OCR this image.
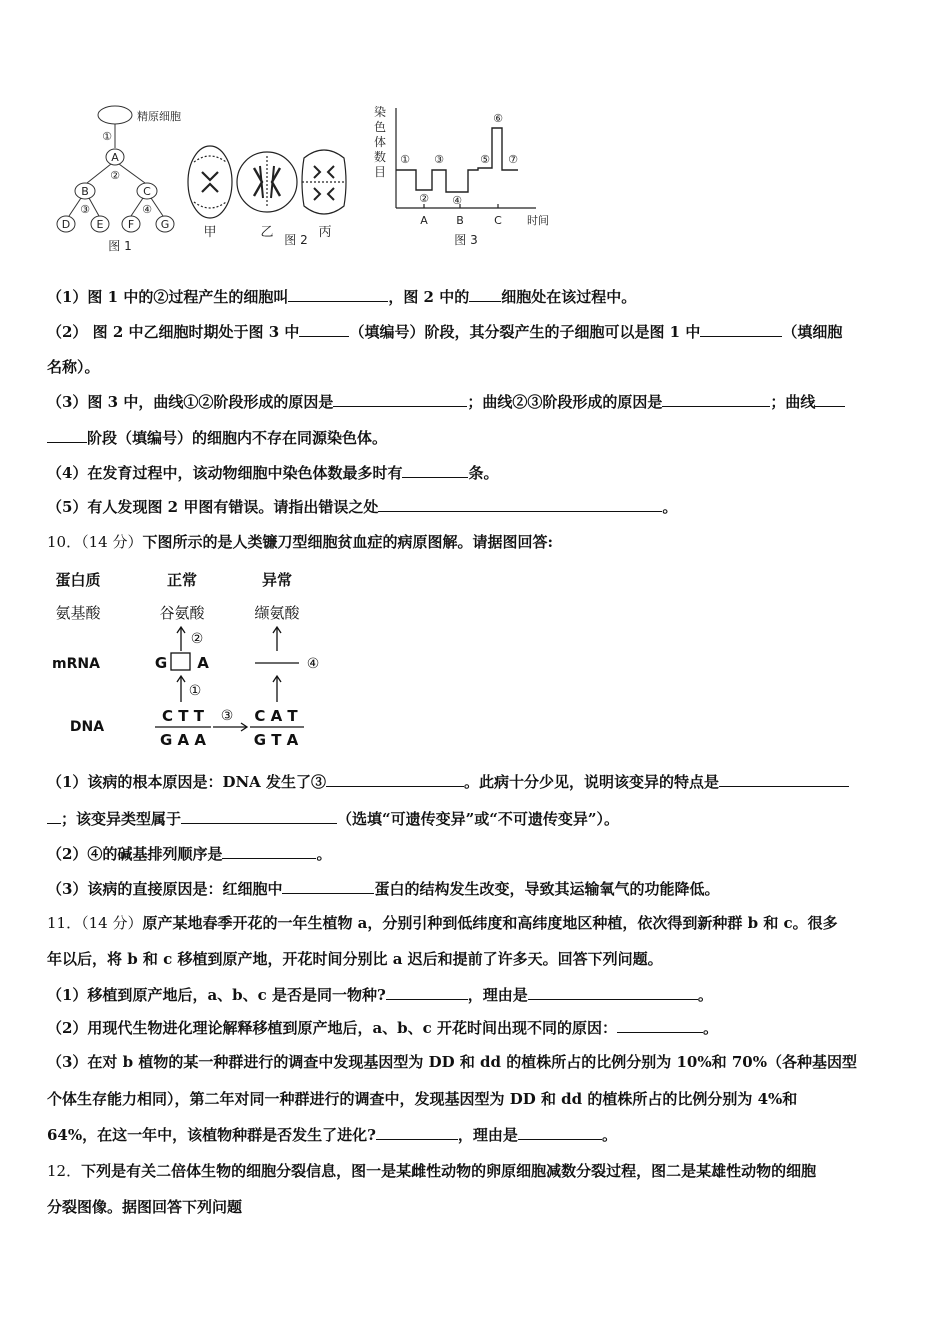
精原细胞
①
A
②
B	C
③	④
D E F G
图 1
甲	乙 图 2 丙
染
色
体
数
目
①
②
③
④
⑤
⑥
⑦
A	B	C 时间
图 3
（1）图 1 中的②过程产生的细胞叫	，图 2 中的 细胞处在该过程中。
（2） 图 2 中乙细胞时期处于图 3 中	（填编号）阶段，其分裂产生的子细胞可以是图 1 中	（填细胞
名称）。
（3）图 3 中，曲线①②阶段形成的原因是	；曲线②③阶段形成的原因是	；曲线
阶段（填编号）的细胞内不存在同源染色体。
（4）在发育过程中，该动物细胞中染色体数最多时有	条。
（5）有人发现图 2 甲图有错误。请指出错误之处	。
10．（14 分）下图所示的是人类镰刀型细胞贫血症的病原图解。请据图回答:
蛋白质	正常	异常
氨基酸	谷氨酸	缬氨酸
②
mRNA	G A	④
①
DNA
C T T
G A A
③ C A T
G T A
（1）该病的根本原因是：DNA 发生了③	。此病十分少见，说明该变异的特点是
；该变异类型属于	（选填“可遗传变异”或“不可遗传变异”）。
（2）④的碱基排列顺序是	。
（3）该病的直接原因是：红细胞中	蛋白的结构发生改变，导致其运输氧气的功能降低。
11．（14 分）原产某地春季开花的一年生植物 a，分别引种到低纬度和高纬度地区种植，依次得到新种群 b 和 c。很多
年以后，将 b 和 c 移植到原产地，开花时间分别比 a 迟后和提前了许多天。回答下列问题。
（1）移植到原产地后，a、b、c 是否是同一物种?	，理由是	。
（2）用现代生物进化理论解释移植到原产地后，a、b、c 开花时间出现不同的原因：	。
（3）在对 b 植物的某一种群进行的调查中发现基因型为 DD 和 dd 的植株所占的比例分别为 10%和 70%（各种基因型
个体生存能力相同），第二年对同一种群进行的调查中，发现基因型为 DD 和 dd 的植株所占的比例分别为 4%和
64%，在这一年中，该植物种群是否发生了进化?	，理由是	。
12．下列是有关二倍体生物的细胞分裂信息，图一是某雌性动物的卵原细胞减数分裂过程，图二是某雄性动物的细胞
分裂图像。据图回答下列问题
